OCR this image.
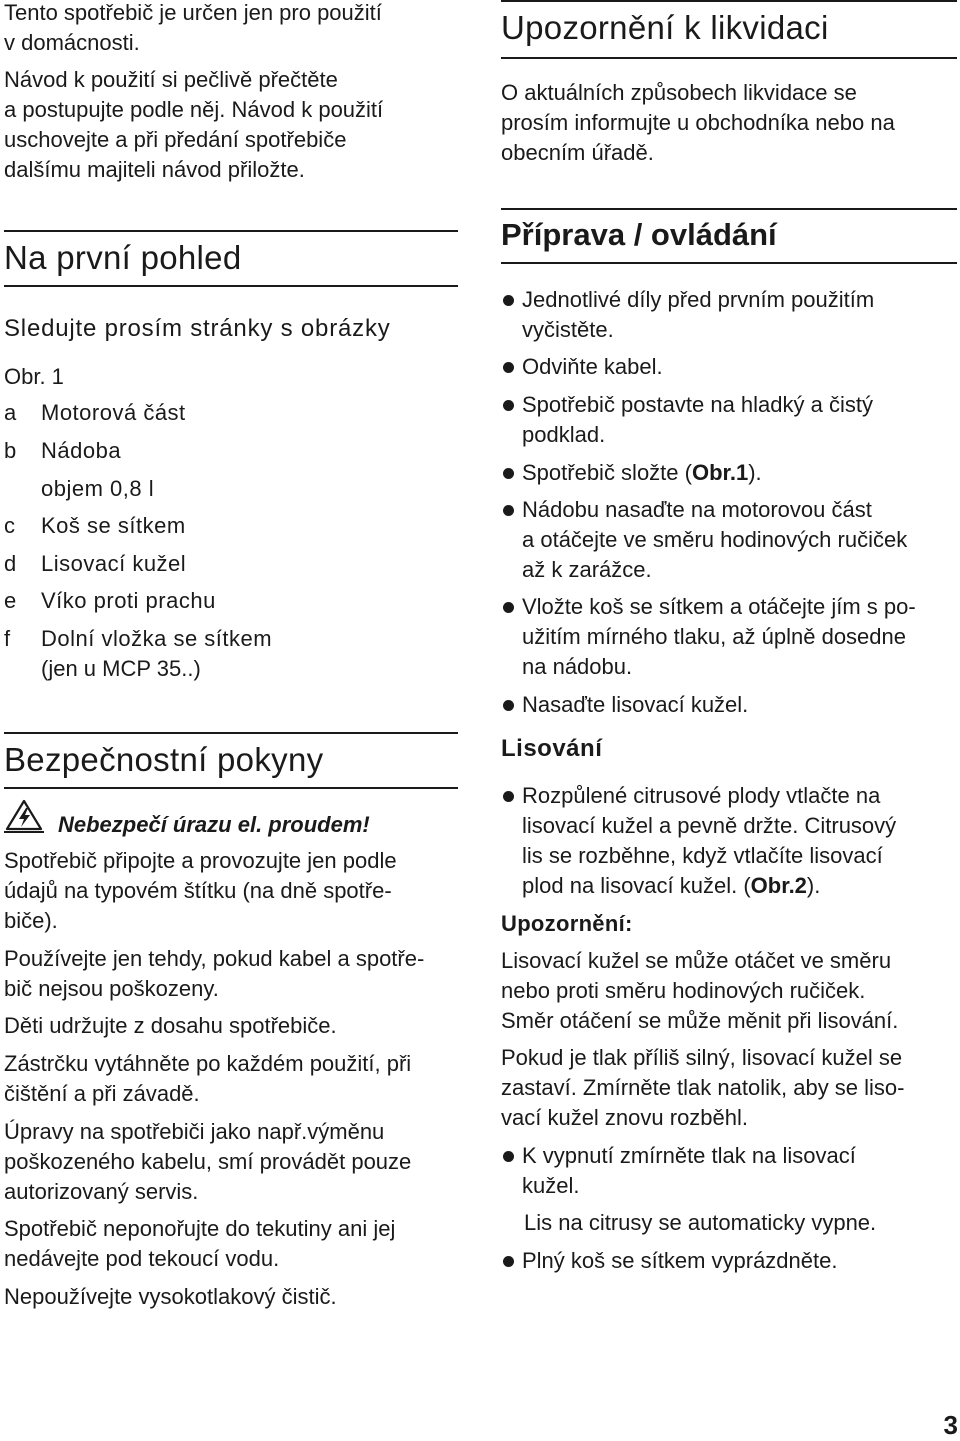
Tento spotřebič je určen jen pro použití

v domácnosti.

Návod k použití si pečlivě přečtěte

a postupujte podle něj. Návod k použití

uschovejte a při předání spotřebiče

dalšímu majiteli návod přiložte.

Na první pohled

Sledujte prosím stránky s obrázky

Obr. 1

a Motorová část
b Nádoba
objem 0,8 l
c Koš se sítkem
d Lisovací kužel
e Víko proti prachu
f Dolní vložka se sítkem
(jen u MCP 35..)

Bezpečnostní pokyny

Nebezpečí úrazu el. proudem!

Spotřebič připojte a provozujte jen podle

údajů na typovém štítku (na dně spotře-

biče).

Používejte jen tehdy, pokud kabel a spotře-

bič nejsou poškozeny.

Děti udržujte z dosahu spotřebiče.

Zástrčku vytáhněte po každém použití, při

čištění a při závadě.

Úpravy na spotřebiči jako např.výměnu

poškozeného kabelu, smí provádět pouze

autorizovaný servis.

Spotřebič neponořujte do tekutiny ani jej

nedávejte pod tekoucí vodu.

Nepoužívejte vysokotlakový čistič.

Upozornění k likvidaci

O aktuálních způsobech likvidace se

prosím informujte u obchodníka nebo na

obecním úřadě.

Příprava / ovládání

Jednotlivé díly před prvním použitím

vyčistěte.

Odviňte kabel.

Spotřebič postavte na hladký a čistý

podklad.

Spotřebič složte (Obr.1).

Nádobu nasaďte na motorovou část

a otáčejte ve směru hodinových ručiček

až k zarážce.

Vložte koš se sítkem a otáčejte jím s po-

užitím mírného tlaku, až úplně dosedne

na nádobu.

Nasaďte lisovací kužel.

Lisování

Rozpůlené citrusové plody vtlačte na

lisovací kužel a pevně držte. Citrusový

lis se rozběhne, když vtlačíte lisovací

plod na lisovací kužel. (Obr.2).

Upozornění:

Lisovací kužel se může otáčet ve směru

nebo proti směru hodinových ručiček.

Směr otáčení se může měnit při lisování.

Pokud je tlak příliš silný, lisovací kužel se

zastaví. Zmírněte tlak natolik, aby se liso-

vací kužel znovu rozběhl.

K vypnutí zmírněte tlak na lisovací

kužel.

Lis na citrusy se automaticky vypne.

Plný koš se sítkem vyprázdněte.

3
